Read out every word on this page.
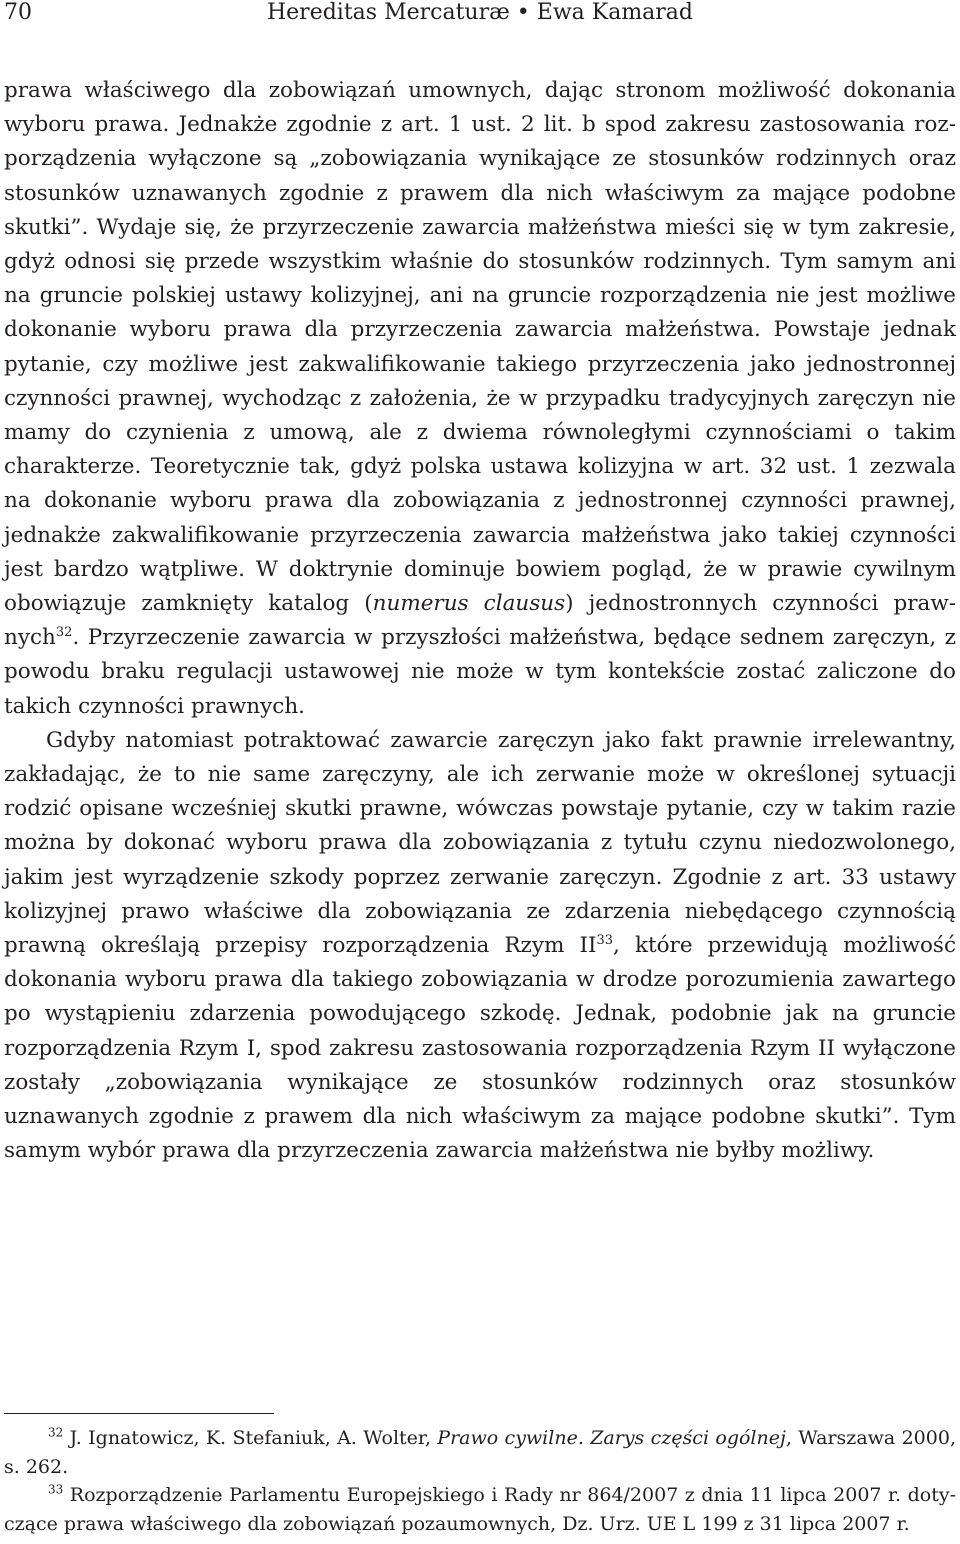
70	Hereditas Mercaturæ • Ewa Kamarad

prawa właściwego dla zobowiązań umownych, dając stronom możliwość dokonania wyboru prawa. Jednakże zgodnie z art. 1 ust. 2 lit. b spod zakresu zastosowania rozporządzenia wyłączone są „zobowiązania wynikające ze stosunków rodzinnych oraz stosunków uznawanych zgodnie z prawem dla nich właściwym za mające podobne skutki”. Wydaje się, że przyrzeczenie zawarcia małżeństwa mieści się w tym zakresie, gdyż odnosi się przede wszystkim właśnie do stosunków rodzinnych. Tym samym ani na gruncie polskiej ustawy kolizyjnej, ani na gruncie rozporządzenia nie jest możliwe dokonanie wyboru prawa dla przyrzeczenia zawarcia małżeństwa. Powstaje jednak pytanie, czy możliwe jest zakwalifikowanie takiego przyrzeczenia jako jednostronnej czynności prawnej, wychodząc z założenia, że w przypadku tradycyjnych zaręczyn nie mamy do czynienia z umową, ale z dwiema równoległymi czynnościami o takim charakterze. Teoretycznie tak, gdyż polska ustawa kolizyjna w art. 32 ust. 1 zezwala na dokonanie wyboru prawa dla zobowiązania z jednostronnej czynności prawnej, jednakże zakwalifikowanie przyrzeczenia zawarcia małżeństwa jako takiej czynności jest bardzo wątpliwe. W doktrynie dominuje bowiem pogląd, że w prawie cywilnym obowiązuje zamknięty katalog (numerus clausus) jednostronnych czynności prawnych$^{32}$. Przyrzeczenie zawarcia w przyszłości małżeństwa, będące sednem zaręczyn, z powodu braku regulacji ustawowej nie może w tym kontekście zostać zaliczone do takich czynności prawnych.

Gdyby natomiast potraktować zawarcie zaręczyn jako fakt prawnie irrelewantny, zakładając, że to nie same zaręczyny, ale ich zerwanie może w określonej sytuacji rodzić opisane wcześniej skutki prawne, wówczas powstaje pytanie, czy w takim razie można by dokonać wyboru prawa dla zobowiązania z tytułu czynu niedozwolonego, jakim jest wyrządzenie szkody poprzez zerwanie zaręczyn. Zgodnie z art. 33 ustawy kolizyjnej prawo właściwe dla zobowiązania ze zdarzenia niebędącego czynnością prawną określają przepisy rozporządzenia Rzym II$^{33}$, które przewidują możliwość dokonania wyboru prawa dla takiego zobowiązania w drodze porozumienia zawartego po wystąpieniu zdarzenia powodującego szkodę. Jednak, podobnie jak na gruncie rozporządzenia Rzym I, spod zakresu zastosowania rozporządzenia Rzym II wyłączone zostały „zobowiązania wynikające ze stosunków rodzinnych oraz stosunków uznawanych zgodnie z prawem dla nich właściwym za mające podobne skutki”. Tym samym wybór prawa dla przyrzeczenia zawarcia małżeństwa nie byłby możliwy.

$^{32}$ J. Ignatowicz, K. Stefaniuk, A. Wolter, Prawo cywilne. Zarys części ogólnej, Warszawa 2000, s. 262.

$^{33}$ Rozporządzenie Parlamentu Europejskiego i Rady nr 864/2007 z dnia 11 lipca 2007 r. dotyczące prawa właściwego dla zobowiązań pozaumownych, Dz. Urz. UE L 199 z 31 lipca 2007 r.
